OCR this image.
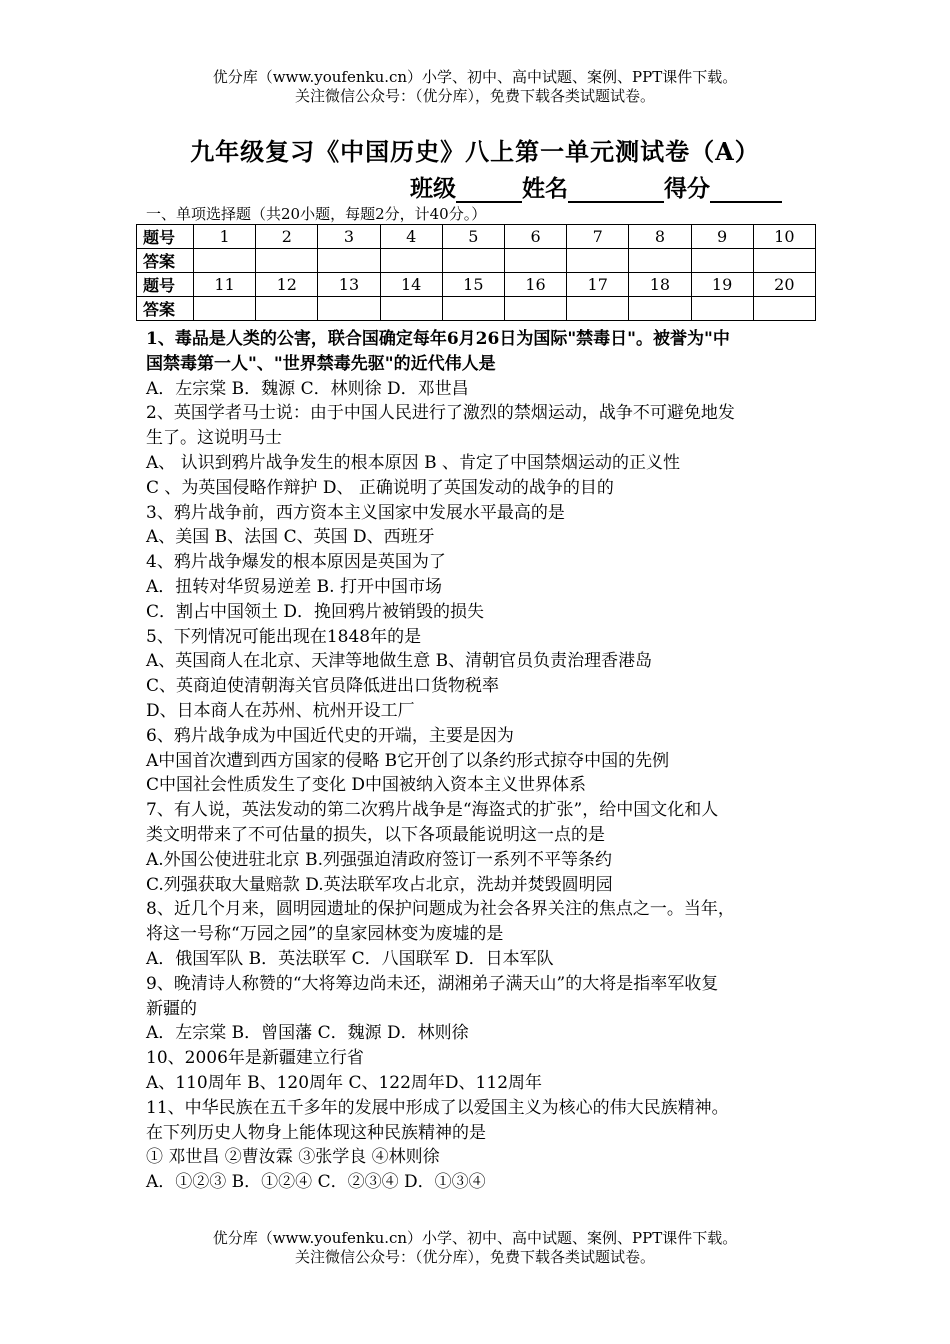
优分库（www.youfenku.cn）小学、初中、高中试题、案例、PPT课件下载。
关注微信公众号：（优分库），免费下载各类试题试卷。
九年级复习《中国历史》八上第一单元测试卷（A）
班级	姓名	得分
一、单项选择题（共20小题，每题2分，计40分。）
题号	1	2	3	4	5	6	7	8	9	10
答案										
题号	11	12	13	14	15	16	17	18	19	20
答案										
1、毒品是人类的公害，联合国确定每年6月26日为国际"禁毒日"。被誉为"中
国禁毒第一人"、"世界禁毒先驱"的近代伟人是
A．左宗棠 B．魏源 C．林则徐 D．邓世昌
2、英国学者马士说：由于中国人民进行了激烈的禁烟运动，战争不可避免地发
生了。这说明马士
A、 认识到鸦片战争发生的根本原因 B 、肯定了中国禁烟运动的正义性
C 、为英国侵略作辩护 D、 正确说明了英国发动的战争的目的
3、鸦片战争前，西方资本主义国家中发展水平最高的是
A、美国 B、法国 C、英国 D、西班牙
4、鸦片战争爆发的根本原因是英国为了
A．扭转对华贸易逆差 B. 打开中国市场
C．割占中国领土 D．挽回鸦片被销毁的损失
5、下列情况可能出现在1848年的是
A、英国商人在北京、天津等地做生意 B、清朝官员负责治理香港岛
C、英商迫使清朝海关官员降低进出口货物税率
D、日本商人在苏州、杭州开设工厂
6、鸦片战争成为中国近代史的开端，主要是因为
A中国首次遭到西方国家的侵略 B它开创了以条约形式掠夺中国的先例
C中国社会性质发生了变化 D中国被纳入资本主义世界体系
7、有人说，英法发动的第二次鸦片战争是“海盗式的扩张”，给中国文化和人
类文明带来了不可估量的损失，以下各项最能说明这一点的是
A.外国公使进驻北京 B.列强强迫清政府签订一系列不平等条约
C.列强获取大量赔款 D.英法联军攻占北京，洗劫并焚毁圆明园
8、近几个月来，圆明园遗址的保护问题成为社会各界关注的焦点之一。当年，
将这一号称“万园之园”的皇家园林变为废墟的是
A．俄国军队 B．英法联军 C．八国联军 D．日本军队
9、晚清诗人称赞的“大将筹边尚未还，湖湘弟子满天山”的大将是指率军收复
新疆的
A．左宗棠 B．曾国藩 C．魏源 D．林则徐
10、2006年是新疆建立行省
A、110周年 B、120周年 C、122周年D、112周年
11、中华民族在五千多年的发展中形成了以爱国主义为核心的伟大民族精神。
在下列历史人物身上能体现这种民族精神的是
① 邓世昌 ②曹汝霖 ③张学良 ④林则徐
A．①②③ B．①②④ C．②③④ D．①③④
优分库（www.youfenku.cn）小学、初中、高中试题、案例、PPT课件下载。
关注微信公众号：（优分库），免费下载各类试题试卷。
